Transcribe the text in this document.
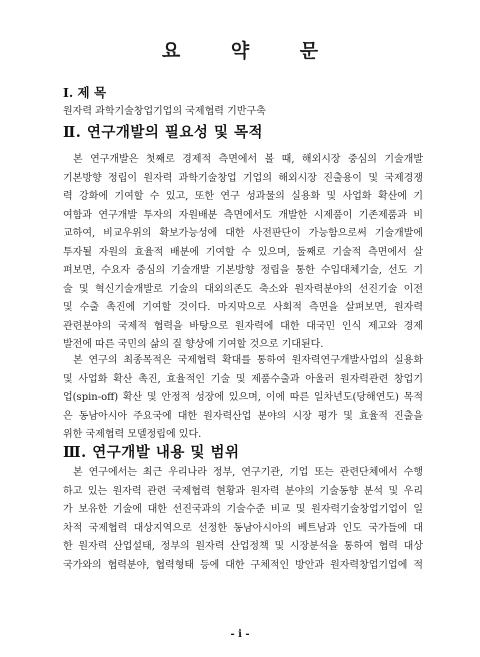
요 약 문
I. 제 목
원자력 과학기술창업기업의 국제협력 기반구축
Ⅱ. 연구개발의 필요성 및 목적

본 연구개발은 첫째로 경제적 측면에서 볼 때, 해외시장 중심의 기술개발
기본방향 정립이 원자력 과학기술창업 기업의 해외시장 진출용이 및 국제경쟁
력 강화에 기여할 수 있고, 또한 연구 성과물의 실용화 및 사업화 확산에 기
여함과 연구개발 투자의 자원배분 측면에서도 개발한 시제품이 기존제품과 비
교하여, 비교우위의 확보가능성에 대한 사전판단이 가능함으로써 기술개발에
투자될 자원의 효율적 배분에 기여할 수 있으며, 둘째로 기술적 측면에서 살
펴보면, 수요자 중심의 기술개발 기본방향 정립을 통한 수입대체기술, 선도 기
술 및 혁신기술개발로 기술의 대외의존도 축소와 원자력분야의 선진기술 이전
및 수출 촉진에 기여할 것이다. 마지막으로 사회적 측면을 살펴보면, 원자력
관련분야의 국제적 협력을 바탕으로 원자력에 대한 대국민 인식 제고와 경제
발전에 따른 국민의 삶의 질 향상에 기여할 것으로 기대된다.

본 연구의 최종목적은 국제협력 확대를 통하여 원자력연구개발사업의 실용화
및 사업화 확산 촉진, 효율적인 기술 및 제품수출과 아울러 원자력관련 창업기
업(spin-off) 확산 및 안정적 성장에 있으며, 이에 따른 일차년도(당해연도) 목적
은 동남아시아 주요국에 대한 원자력산업 분야의 시장 평가 및 효율적 진출을
위한 국제협력 모델정립에 있다.

Ⅲ. 연구개발 내용 및 범위

본 연구에서는 최근 우리나라 정부, 연구기관, 기업 또는 관련단체에서 수행
하고 있는 원자력 관련 국제협력 현황과 원자력 분야의 기술동향 분석 및 우리
가 보유한 기술에 대한 선진국과의 기술수준 비교 및 원자력기술창업기업이 일
차적 국제협력 대상지역으로 선정한 동남아시아의 베트남과 인도 국가들에 대
한 원자력 산업설태, 정부의 원자력 산업정책 및 시장분석을 통하여 협력 대상
국가와의 협력분야, 협력형태 등에 대한 구체적인 방안과 원자력창업기업에 적

- i -
